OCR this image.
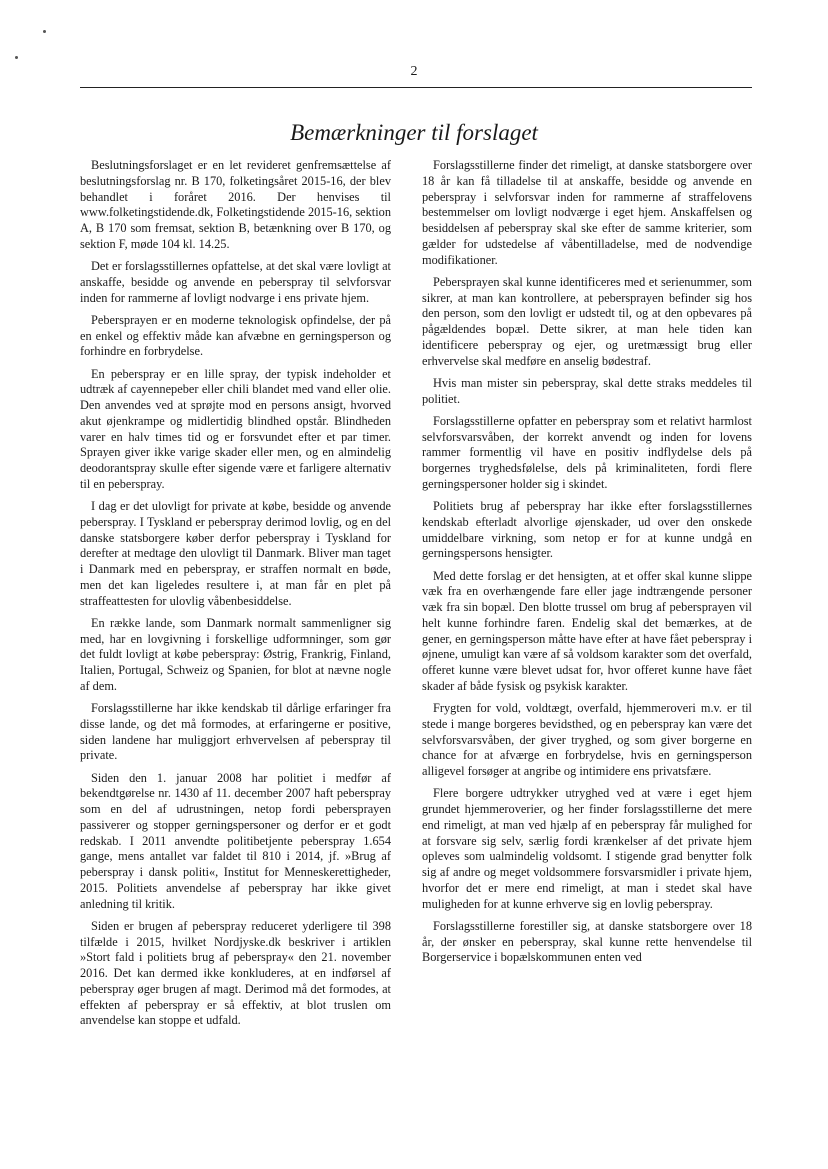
2
Bemærkninger til forslaget

Beslutningsforslaget er en let revideret genfremsættelse af beslutningsforslag nr. B 170, folketingsåret 2015-16, der blev behandlet i foråret 2016. Der henvises til www.folketingstidende.dk, Folketingstidende 2015-16, sektion A, B 170 som fremsat, sektion B, betænkning over B 170, og sektion F, møde 104 kl. 14.25.

Det er forslagsstillernes opfattelse, at det skal være lovligt at anskaffe, besidde og anvende en peberspray til selvforsvar inden for rammerne af lovligt nodvarge i ens private hjem.

Pebersprayen er en moderne teknologisk opfindelse, der på en enkel og effektiv måde kan afvæbne en gerningsperson og forhindre en forbrydelse.

En peberspray er en lille spray, der typisk indeholder et udtræk af cayennepeber eller chili blandet med vand eller olie. Den anvendes ved at sprøjte mod en persons ansigt, hvorved akut øjenkrampe og midlertidig blindhed opstår. Blindheden varer en halv times tid og er forsvundet efter et par timer. Sprayen giver ikke varige skader eller men, og en almindelig deodorantspray skulle efter sigende være et farligere alternativ til en peberspray.

I dag er det ulovligt for private at købe, besidde og anvende peberspray. I Tyskland er peberspray derimod lovlig, og en del danske statsborgere køber derfor peberspray i Tyskland for derefter at medtage den ulovligt til Danmark. Bliver man taget i Danmark med en peberspray, er straffen normalt en bøde, men det kan ligeledes resultere i, at man får en plet på straffeattesten for ulovlig våbenbesiddelse.

En række lande, som Danmark normalt sammenligner sig med, har en lovgivning i forskellige udformninger, som gør det fuldt lovligt at købe peberspray: Østrig, Frankrig, Finland, Italien, Portugal, Schweiz og Spanien, for blot at nævne nogle af dem.

Forslagsstillerne har ikke kendskab til dårlige erfaringer fra disse lande, og det må formodes, at erfaringerne er positive, siden landene har muliggjort erhvervelsen af peberspray til private.

Siden den 1. januar 2008 har politiet i medfør af bekendtgørelse nr. 1430 af 11. december 2007 haft peberspray som en del af udrustningen, netop fordi pebersprayen passiverer og stopper gerningspersoner og derfor er et godt redskab. I 2011 anvendte politibetjente peberspray 1.654 gange, mens antallet var faldet til 810 i 2014, jf. »Brug af peberspray i dansk politi«, Institut for Menneskerettigheder, 2015. Politiets anvendelse af peberspray har ikke givet anledning til kritik.

Siden er brugen af peberspray reduceret yderligere til 398 tilfælde i 2015, hvilket Nordjyske.dk beskriver i artiklen »Stort fald i politiets brug af peberspray« den 21. november 2016. Det kan dermed ikke konkluderes, at en indførsel af peberspray øger brugen af magt. Derimod må det formodes, at effekten af peberspray er så effektiv, at blot truslen om anvendelse kan stoppe et udfald.

Forslagsstillerne finder det rimeligt, at danske statsborgere over 18 år kan få tilladelse til at anskaffe, besidde og anvende en peberspray i selvforsvar inden for rammerne af straffelovens bestemmelser om lovligt nodværge i eget hjem. Anskaffelsen og besiddelsen af peberspray skal ske efter de samme kriterier, som gælder for udstedelse af våbentilladelse, med de nodvendige modifikationer.

Pebersprayen skal kunne identificeres med et serienummer, som sikrer, at man kan kontrollere, at pebersprayen befinder sig hos den person, som den lovligt er udstedt til, og at den opbevares på pågældendes bopæl. Dette sikrer, at man hele tiden kan identificere peberspray og ejer, og uretmæssigt brug eller erhvervelse skal medføre en anselig bødestraf.

Hvis man mister sin peberspray, skal dette straks meddeles til politiet.

Forslagsstillerne opfatter en peberspray som et relativt harmlost selvforsvarsvåben, der korrekt anvendt og inden for lovens rammer formentlig vil have en positiv indflydelse dels på borgernes tryghedsfølelse, dels på kriminaliteten, fordi flere gerningspersoner holder sig i skindet.

Politiets brug af peberspray har ikke efter forslagsstillernes kendskab efterladt alvorlige øjenskader, ud over den onskede umiddelbare virkning, som netop er for at kunne undgå en gerningspersons hensigter.

Med dette forslag er det hensigten, at et offer skal kunne slippe væk fra en overhængende fare eller jage indtrængende personer væk fra sin bopæl. Den blotte trussel om brug af pebersprayen vil helt kunne forhindre faren. Endelig skal det bemærkes, at de gener, en gerningsperson måtte have efter at have fået peberspray i øjnene, umuligt kan være af så voldsom karakter som det overfald, offeret kunne være blevet udsat for, hvor offeret kunne have fået skader af både fysisk og psykisk karakter.

Frygten for vold, voldtægt, overfald, hjemmeroveri m.v. er til stede i mange borgeres bevidsthed, og en peberspray kan være det selvforsvarsvåben, der giver tryghed, og som giver borgerne en chance for at afværge en forbrydelse, hvis en gerningsperson alligevel forsøger at angribe og intimidere ens privatsfære.

Flere borgere udtrykker utryghed ved at være i eget hjem grundet hjemmeroverier, og her finder forslagsstillerne det mere end rimeligt, at man ved hjælp af en peberspray får mulighed for at forsvare sig selv, særlig fordi krænkelser af det private hjem opleves som ualmindelig voldsomt. I stigende grad benytter folk sig af andre og meget voldsommere forsvarsmidler i private hjem, hvorfor det er mere end rimeligt, at man i stedet skal have muligheden for at kunne erhverve sig en lovlig peberspray.

Forslagsstillerne forestiller sig, at danske statsborgere over 18 år, der ønsker en peberspray, skal kunne rette henvendelse til Borgerservice i bopælskommunen enten ved
